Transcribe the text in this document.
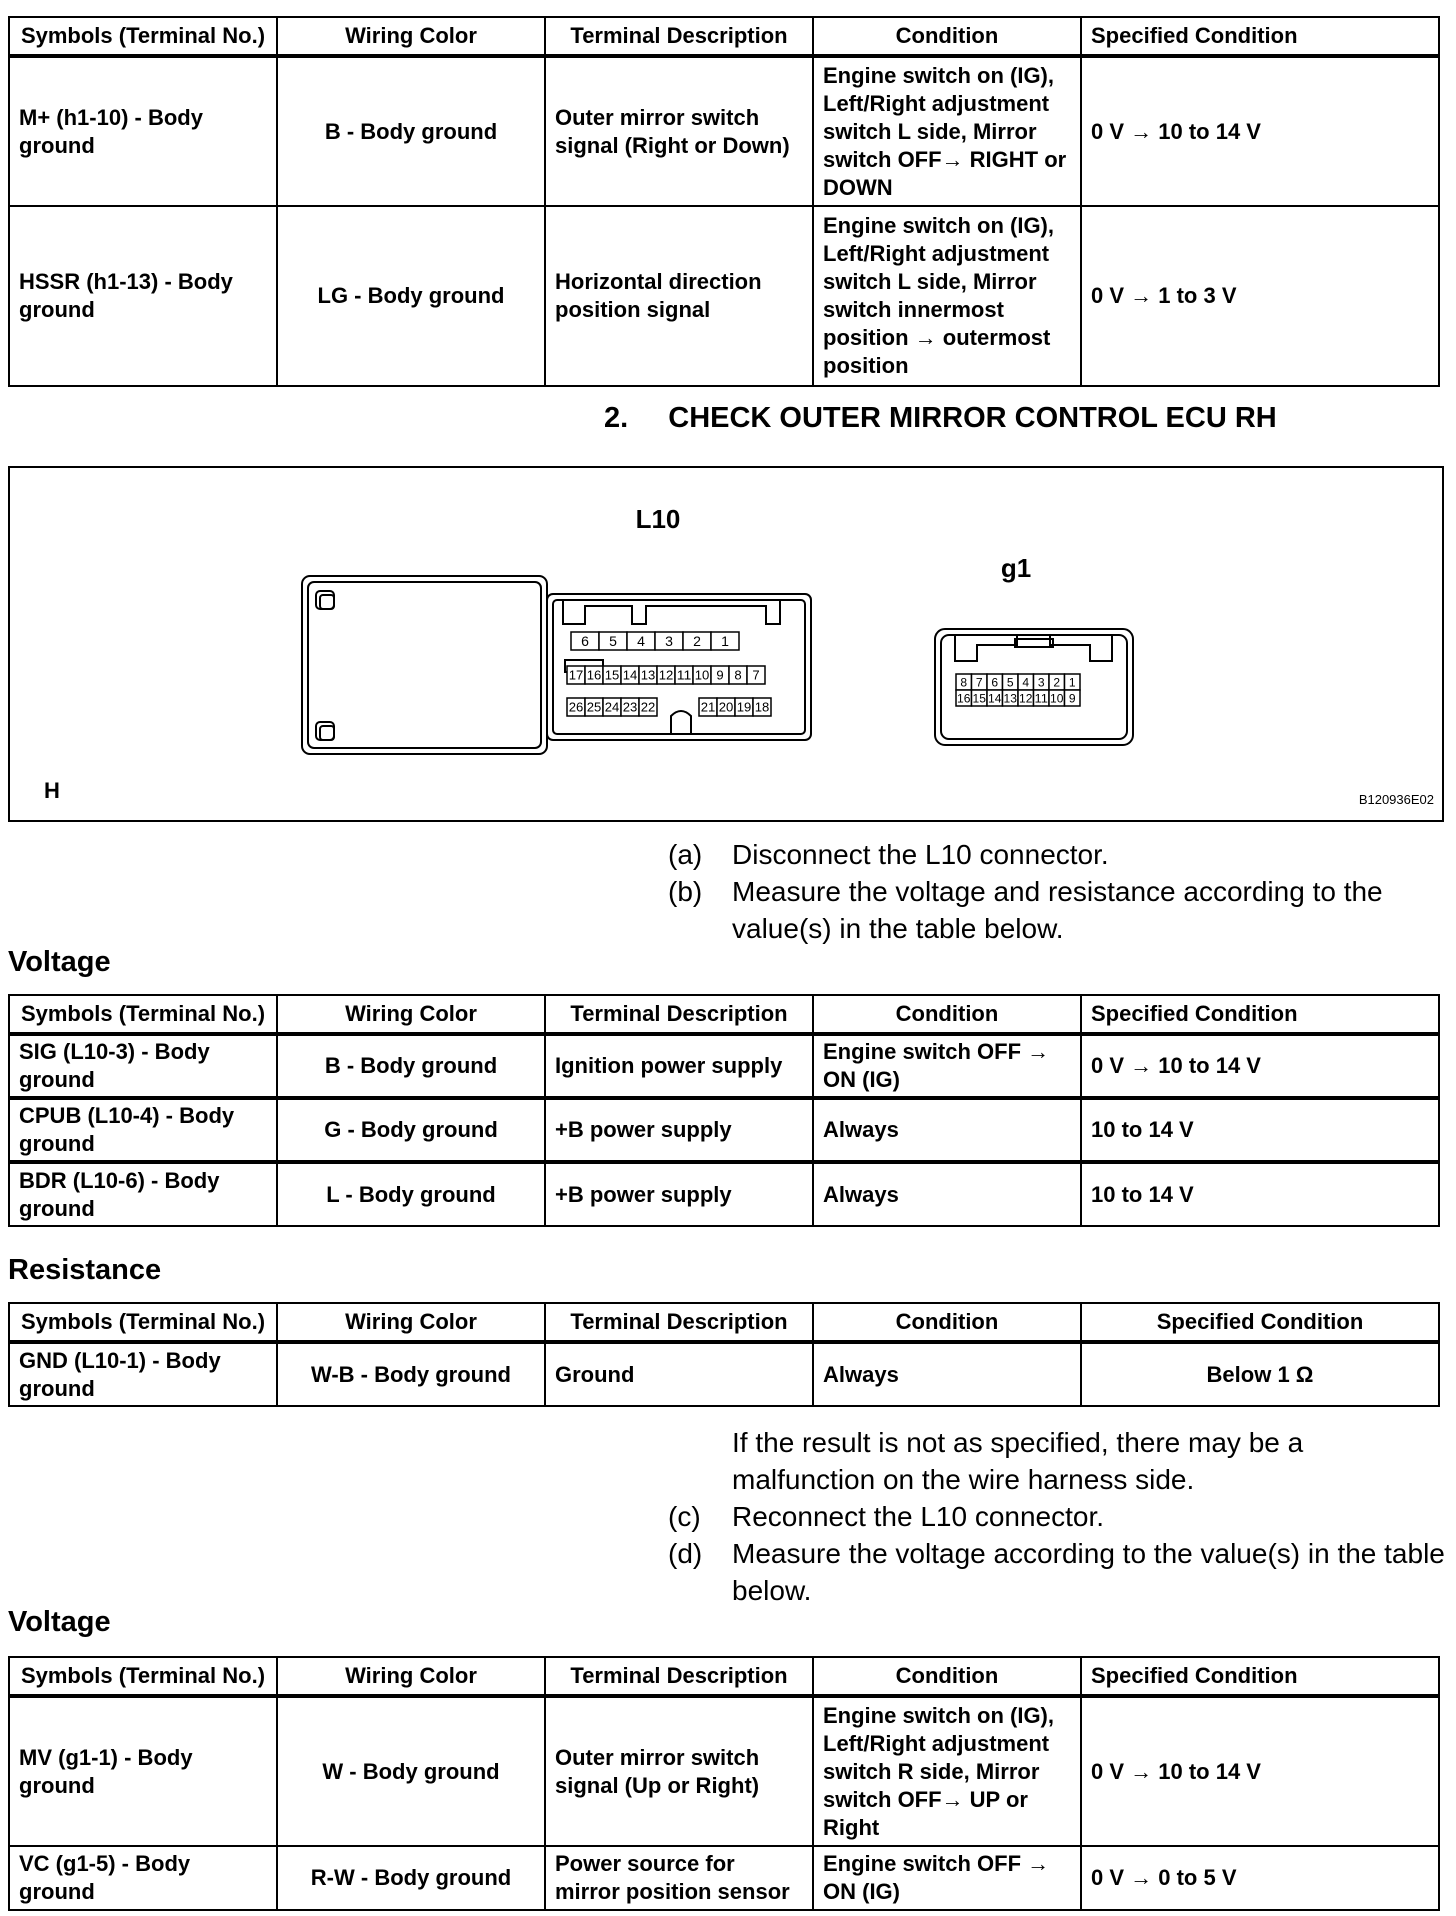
Symbols (Terminal No.)	Wiring Color	Terminal Description	Condition	Specified Condition
M+ (h1-10) - Body ground	B - Body ground	Outer mirror switch signal (Right or Down)	Engine switch on (IG), Left/Right adjustment switch L side, Mirror switch OFF→ RIGHT or DOWN	0 V → 10 to 14 V
HSSR (h1-13) - Body ground	LG - Body ground	Horizontal direction position signal	Engine switch on (IG), Left/Right adjustment switch L side, Mirror switch innermost position → outermost position	0 V → 1 to 3 V
2. CHECK OUTER MIRROR CONTROL ECU RH
6 5 4 3 2 1
17 16 15 14 13 12 11 10 9 8 7
26 25 24 23 22	21 20 19 18
8 7 6 5 4 3 2 1
16 15 14 13 12 11 10 9
L10
g1
H	B120936E02
(a) Disconnect the L10 connector.
(b) Measure the voltage and resistance according to the value(s) in the table below.
Voltage
Symbols (Terminal No.)	Wiring Color	Terminal Description	Condition	Specified Condition
SIG (L10-3) - Body ground	B - Body ground	Ignition power supply	Engine switch OFF → ON (IG)	0 V → 10 to 14 V
CPUB (L10-4) - Body ground	G - Body ground	+B power supply	Always	10 to 14 V
BDR (L10-6) - Body ground	L - Body ground	+B power supply	Always	10 to 14 V
Resistance
Symbols (Terminal No.)	Wiring Color	Terminal Description	Condition	Specified Condition
GND (L10-1) - Body ground	W-B - Body ground	Ground	Always	Below 1 Ω
If the result is not as specified, there may be a malfunction on the wire harness side.
(c) Reconnect the L10 connector.
(d) Measure the voltage according to the value(s) in the table below.
Voltage
Symbols (Terminal No.)	Wiring Color	Terminal Description	Condition	Specified Condition
MV (g1-1) - Body ground	W - Body ground	Outer mirror switch signal (Up or Right)	Engine switch on (IG), Left/Right adjustment switch R side, Mirror switch OFF→ UP or Right	0 V → 10 to 14 V
VC (g1-5) - Body ground	R-W - Body ground	Power source for mirror position sensor	Engine switch OFF → ON (IG)	0 V → 0 to 5 V
